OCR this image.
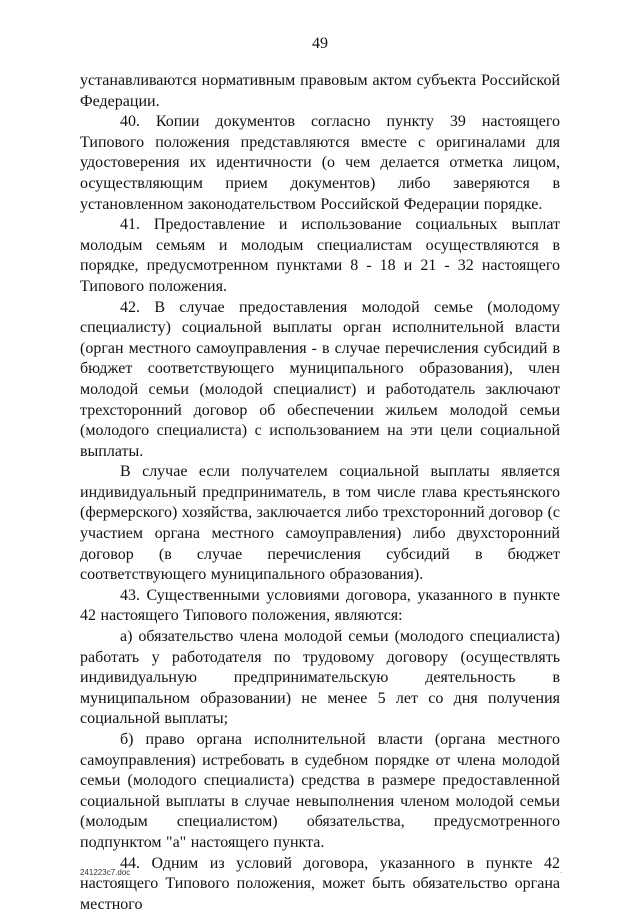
49

устанавливаются нормативным правовым актом субъекта Российской Федерации.

40. Копии документов согласно пункту 39 настоящего Типового положения представляются вместе с оригиналами для удостоверения их идентичности (о чем делается отметка лицом, осуществляющим прием документов) либо заверяются в установленном законодательством Российской Федерации порядке.

41. Предоставление и использование социальных выплат молодым семьям и молодым специалистам осуществляются в порядке, предусмотренном пунктами 8 - 18 и 21 - 32 настоящего Типового положения.

42. В случае предоставления молодой семье (молодому специалисту) социальной выплаты орган исполнительной власти (орган местного самоуправления - в случае перечисления субсидий в бюджет соответствующего муниципального образования), член молодой семьи (молодой специалист) и работодатель заключают трехсторонний договор об обеспечении жильем молодой семьи (молодого специалиста) с использованием на эти цели социальной выплаты.

В случае если получателем социальной выплаты является индивидуальный предприниматель, в том числе глава крестьянского (фермерского) хозяйства, заключается либо трехсторонний договор (с участием органа местного самоуправления) либо двухсторонний договор (в случае перечисления субсидий в бюджет соответствующего муниципального образования).

43. Существенными условиями договора, указанного в пункте 42 настоящего Типового положения, являются:

а) обязательство члена молодой семьи (молодого специалиста) работать у работодателя по трудовому договору (осуществлять индивидуальную предпринимательскую деятельность в муниципальном образовании) не менее 5 лет со дня получения социальной выплаты;

б) право органа исполнительной власти (органа местного самоуправления) истребовать в судебном порядке от члена молодой семьи (молодого специалиста) средства в размере предоставленной социальной выплаты в случае невыполнения членом молодой семьи (молодым специалистом) обязательства, предусмотренного подпунктом "а" настоящего пункта.

44. Одним из условий договора, указанного в пункте 42 настоящего Типового положения, может быть обязательство органа местного

241223c7.doc	.
